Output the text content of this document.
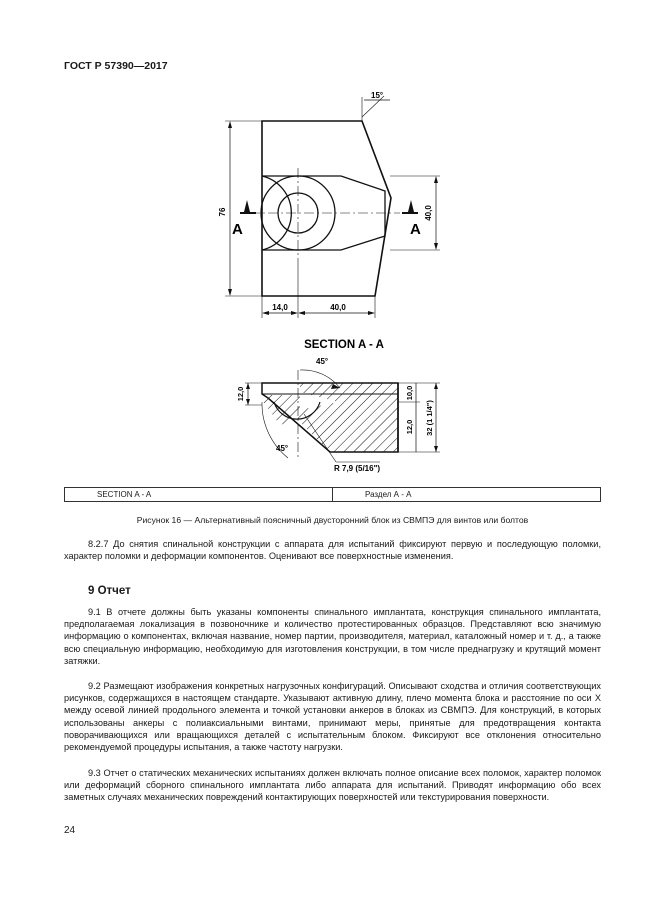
ГОСТ Р 57390—2017
15°
76	40,0
A	A
14,0	40,0
SECTION A - A
45°
12,0	10,0
12,0 32 (1 1/4")
45°
R 7,9 (5/16")
SECTION A - A	Раздел А - А
Рисунок 16 — Альтернативный поясничный двусторонний блок из СВМПЭ для винтов или болтов

8.2.7 До снятия спинальной конструкции с аппарата для испытаний фиксируют первую и последующую поломки, характер поломки и деформации компонентов. Оценивают все поверхностные изменения.

9 Отчет

9.1 В отчете должны быть указаны компоненты спинального имплантата, конструкция спинального имплантата, предполагаемая локализация в позвоночнике и количество протестированных образцов. Представляют всю значимую информацию о компонентах, включая название, номер партии, производителя, материал, каталожный номер и т. д., а также всю специальную информацию, необходимую для изготовления конструкции, в том числе преднагрузку и крутящий момент затяжки.

9.2 Размещают изображения конкретных нагрузочных конфигураций. Описывают сходства и отличия соответствующих рисунков, содержащихся в настоящем стандарте. Указывают активную длину, плечо момента блока и расстояние по оси X между осевой линией продольного элемента и точкой установки анкеров в блоках из СВМПЭ. Для конструкций, в которых использованы анкеры с полиаксиальными винтами, принимают меры, принятые для предотвращения контакта поворачивающихся или вращающихся деталей с испытательным блоком. Фиксируют все отклонения относительно рекомендуемой процедуры испытания, а также частоту нагрузки.

9.3 Отчет о статических механических испытаниях должен включать полное описание всех поломок, характер поломок или деформаций сборного спинального имплантата либо аппарата для испытаний. Приводят информацию обо всех заметных случаях механических повреждений контактирующих поверхностей или текстурирования поверхности.

24
